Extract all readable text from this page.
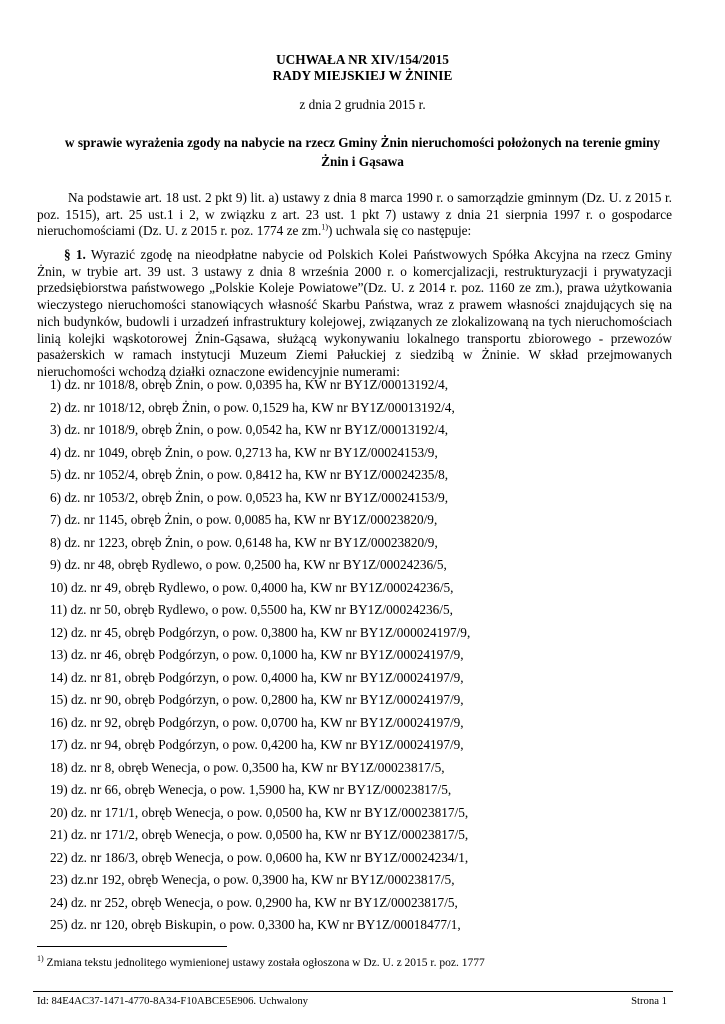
UCHWAŁA NR XIV/154/2015
RADY MIEJSKIEJ W ŻNINIE
z dnia 2 grudnia 2015 r.
w sprawie wyrażenia zgody na nabycie na rzecz Gminy Żnin nieruchomości położonych na terenie gminy Żnin i Gąsawa
Na podstawie art. 18 ust. 2 pkt 9) lit. a) ustawy z dnia 8 marca 1990 r. o samorządzie gminnym (Dz. U. z 2015 r. poz. 1515), art. 25 ust.1 i 2, w związku z art. 23 ust. 1 pkt 7) ustawy z dnia 21 sierpnia 1997 r. o gospodarce nieruchomościami (Dz. U. z 2015 r. poz. 1774 ze zm.$^{1)}$) uchwala się co następuje:
§ 1. Wyrazić zgodę na nieodpłatne nabycie od Polskich Kolei Państwowych Spółka Akcyjna na rzecz Gminy Żnin, w trybie art. 39 ust. 3 ustawy z dnia 8 września 2000 r. o komercjalizacji, restrukturyzacji i prywatyzacji przedsiębiorstwa państwowego „Polskie Koleje Powiatowe”(Dz. U. z 2014 r. poz. 1160 ze zm.), prawa użytkowania wieczystego nieruchomości stanowiących własność Skarbu Państwa, wraz z prawem własności znajdujących się na nich budynków, budowli i urzadzeń infrastruktury kolejowej, związanych ze zlokalizowaną na tych nieruchomościach linią kolejki wąskotorowej Żnin-Gąsawa, służącą wykonywaniu lokalnego transportu zbiorowego - przewozów pasażerskich w ramach instytucji Muzeum Ziemi Pałuckiej z siedzibą w Żninie. W skład przejmowanych nieruchomości wchodzą działki oznaczone ewidencyjnie numerami:
1) dz. nr 1018/8, obręb Żnin, o pow. 0,0395 ha, KW nr BY1Z/00013192/4,
2) dz. nr 1018/12, obręb Żnin, o pow. 0,1529 ha, KW nr BY1Z/00013192/4,
3) dz. nr 1018/9, obręb Żnin, o pow. 0,0542 ha, KW nr BY1Z/00013192/4,
4) dz. nr 1049, obręb Żnin, o pow. 0,2713 ha, KW nr BY1Z/00024153/9,
5) dz. nr 1052/4, obręb Żnin, o pow. 0,8412 ha, KW nr BY1Z/00024235/8,
6) dz. nr 1053/2, obręb Żnin, o pow. 0,0523 ha, KW nr BY1Z/00024153/9,
7) dz. nr 1145, obręb Żnin, o pow. 0,0085 ha, KW nr BY1Z/00023820/9,
8) dz. nr 1223, obręb Żnin, o pow. 0,6148 ha, KW nr BY1Z/00023820/9,
9) dz. nr 48, obręb Rydlewo, o pow. 0,2500 ha, KW nr BY1Z/00024236/5,
10) dz. nr 49, obręb Rydlewo, o pow. 0,4000 ha, KW nr BY1Z/00024236/5,
11) dz. nr 50, obręb Rydlewo, o pow. 0,5500 ha, KW nr BY1Z/00024236/5,
12) dz. nr 45, obręb Podgórzyn, o pow. 0,3800 ha, KW nr BY1Z/000024197/9,
13) dz. nr 46, obręb Podgórzyn, o pow. 0,1000 ha, KW nr BY1Z/00024197/9,
14) dz. nr 81, obręb Podgórzyn, o pow. 0,4000 ha, KW nr BY1Z/00024197/9,
15) dz. nr 90, obręb Podgórzyn, o pow. 0,2800 ha, KW nr BY1Z/00024197/9,
16) dz. nr 92, obręb Podgórzyn, o pow. 0,0700 ha, KW nr BY1Z/00024197/9,
17) dz. nr 94, obręb Podgórzyn, o pow. 0,4200 ha, KW nr BY1Z/00024197/9,
18) dz. nr 8, obręb Wenecja, o pow. 0,3500 ha, KW nr BY1Z/00023817/5,
19) dz. nr 66, obręb Wenecja, o pow. 1,5900 ha, KW nr BY1Z/00023817/5,
20) dz. nr 171/1, obręb Wenecja, o pow. 0,0500 ha, KW nr BY1Z/00023817/5,
21) dz. nr 171/2, obręb Wenecja, o pow. 0,0500 ha, KW nr BY1Z/00023817/5,
22) dz. nr 186/3, obręb Wenecja, o pow. 0,0600 ha, KW nr BY1Z/00024234/1,
23) dz.nr 192, obręb Wenecja, o pow. 0,3900 ha, KW nr BY1Z/00023817/5,
24) dz. nr 252, obręb Wenecja, o pow. 0,2900 ha, KW nr BY1Z/00023817/5,
25) dz. nr 120, obręb Biskupin, o pow. 0,3300 ha, KW nr BY1Z/00018477/1,
$^{1)}$ Zmiana tekstu jednolitego wymienionej ustawy została ogłoszona w Dz. U. z 2015 r. poz. 1777
Id: 84E4AC37-1471-4770-8A34-F10ABCE5E906. Uchwalony	Strona 1
